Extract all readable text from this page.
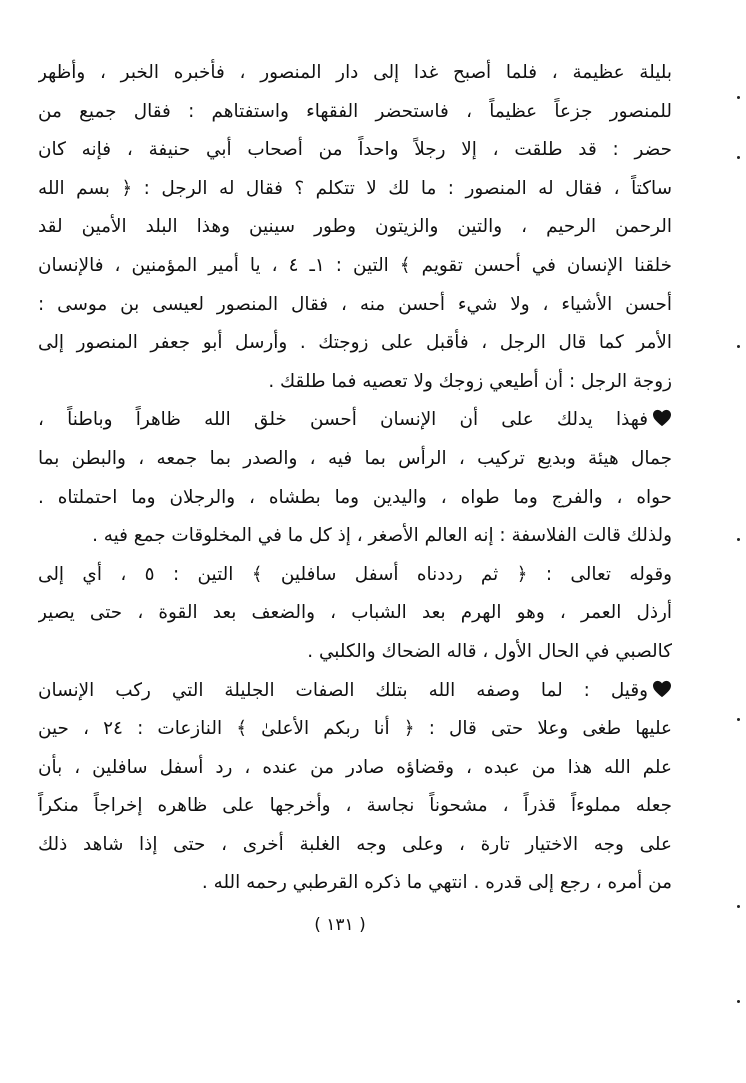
بليلة عظيمة ، فلما أصبح غدا إلى دار المنصور ، فأخبره الخبر ، وأظهر
للمنصور جزعاً عظيماً ، فاستحضر الفقهاء واستفتاهم : فقال جميع من
حضر : قد طلقت ، إلا رجلاً واحداً من أصحاب أبي حنيفة ، فإنه كان
ساكتاً ، فقال له المنصور : ما لك لا تتكلم ؟ فقال له الرجل : ﴿ بسم الله
الرحمن الرحيم ، والتين والزيتون وطور سينين وهذا البلد الأمين لقد
خلقنا الإنسان في أحسن تقويم ﴾ التين : ١ـ ٤ ، يا أمير المؤمنين ، فالإنسان
أحسن الأشياء ، ولا شيء أحسن منه ، فقال المنصور لعيسى بن موسى :
الأمر كما قال الرجل ، فأقبل على زوجتك . وأرسل أبو جعفر المنصور إلى
زوجة الرجل : أن أطيعي زوجك ولا تعصيه فما طلقك .
فهذا يدلك على أن الإنسان أحسن خلق الله ظاهراً وباطناً ،
جمال هيئة وبديع تركيب ، الرأس بما فيه ، والصدر بما جمعه ، والبطن بما
حواه ، والفرج وما طواه ، واليدين وما بطشاه ، والرجلان وما احتملتاه .
ولذلك قالت الفلاسفة : إنه العالم الأصغر ، إذ كل ما في المخلوقات جمع فيه .
وقوله تعالى : ﴿ ثم رددناه أسفل سافلين ﴾ التين : ٥ ، أي إلى
أرذل العمر ، وهو الهرم بعد الشباب ، والضعف بعد القوة ، حتى يصير
كالصبي في الحال الأول ، قاله الضحاك والكلبي .
وقيل : لما وصفه الله بتلك الصفات الجليلة التي ركب الإنسان
عليها طغى وعلا حتى قال : ﴿ أنا ربكم الأعلىٰ ﴾ النازعات : ٢٤ ، حين
علم الله هذا من عبده ، وقضاؤه صادر من عنده ، رد أسفل سافلين ، بأن
جعله مملوءاً قذراً ، مشحوناً نجاسة ، وأخرجها على ظاهره إخراجاً منكراً
على وجه الاختيار تارة ، وعلى وجه الغلبة أخرى ، حتى إذا شاهد ذلك
من أمره ، رجع إلى قدره . انتهي ما ذكره القرطبي رحمه الله .
( ١٣١ )
